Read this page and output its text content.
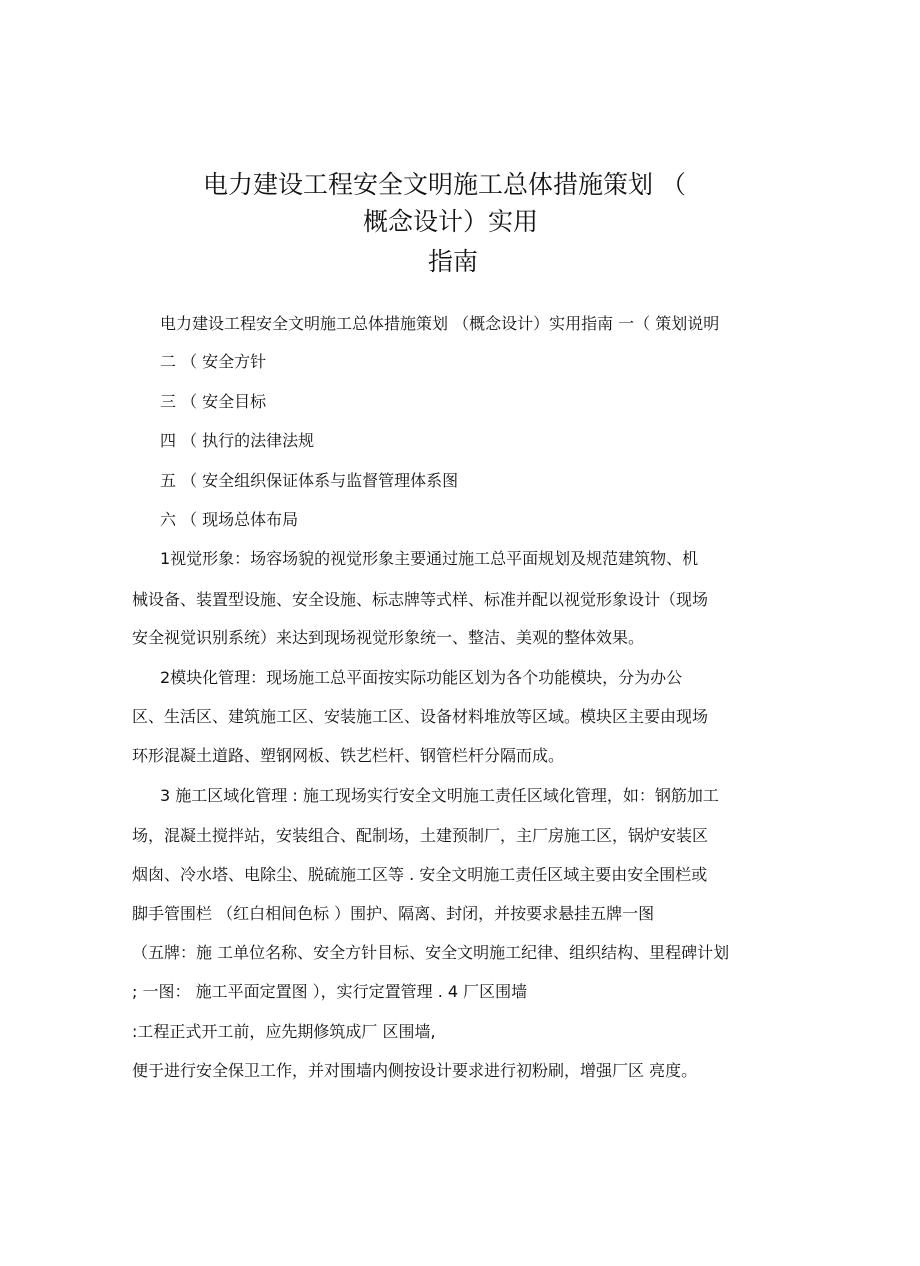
电力建设工程安全文明施工总体措施策划 （
概念设计）实用
指南
电力建设工程安全文明施工总体措施策划 （概念设计）实用指南 一（ 策划说明
二 （ 安全方针
三 （ 安全目标
四 （ 执行的法律法规
五 （ 安全组织保证体系与监督管理体系图
六 （ 现场总体布局
1视觉形象：场容场貌的视觉形象主要通过施工总平面规划及规范建筑物、机
械设备、装置型设施、安全设施、标志牌等式样、标准并配以视觉形象设计（现场
安全视觉识别系统）来达到现场视觉形象统一、整洁、美观的整体效果。
2模块化管理：现场施工总平面按实际功能区划为各个功能模块，分为办公
区、生活区、建筑施工区、安装施工区、设备材料堆放等区域。模块区主要由现场
环形混凝土道路、塑钢网板、铁艺栏杆、钢管栏杆分隔而成。
3 施工区域化管理 : 施工现场实行安全文明施工责任区域化管理，如：钢筋加工
场，混凝土搅拌站，安装组合、配制场，土建预制厂，主厂房施工区，锅炉安装区
烟囱、冷水塔、电除尘、脱硫施工区等 . 安全文明施工责任区域主要由安全围栏或
脚手管围栏 （红白相间色标 ）围护、隔离、封闭，并按要求悬挂五牌一图
（五牌：施 工单位名称、安全方针目标、安全文明施工纪律、组织结构、里程碑计划
; 一图： 施工平面定置图 ），实行定置管理 . 4 厂区围墙
:工程正式开工前，应先期修筑成厂 区围墙,
便于进行安全保卫工作，并对围墙内侧按设计要求进行初粉刷，增强厂区 亮度。
